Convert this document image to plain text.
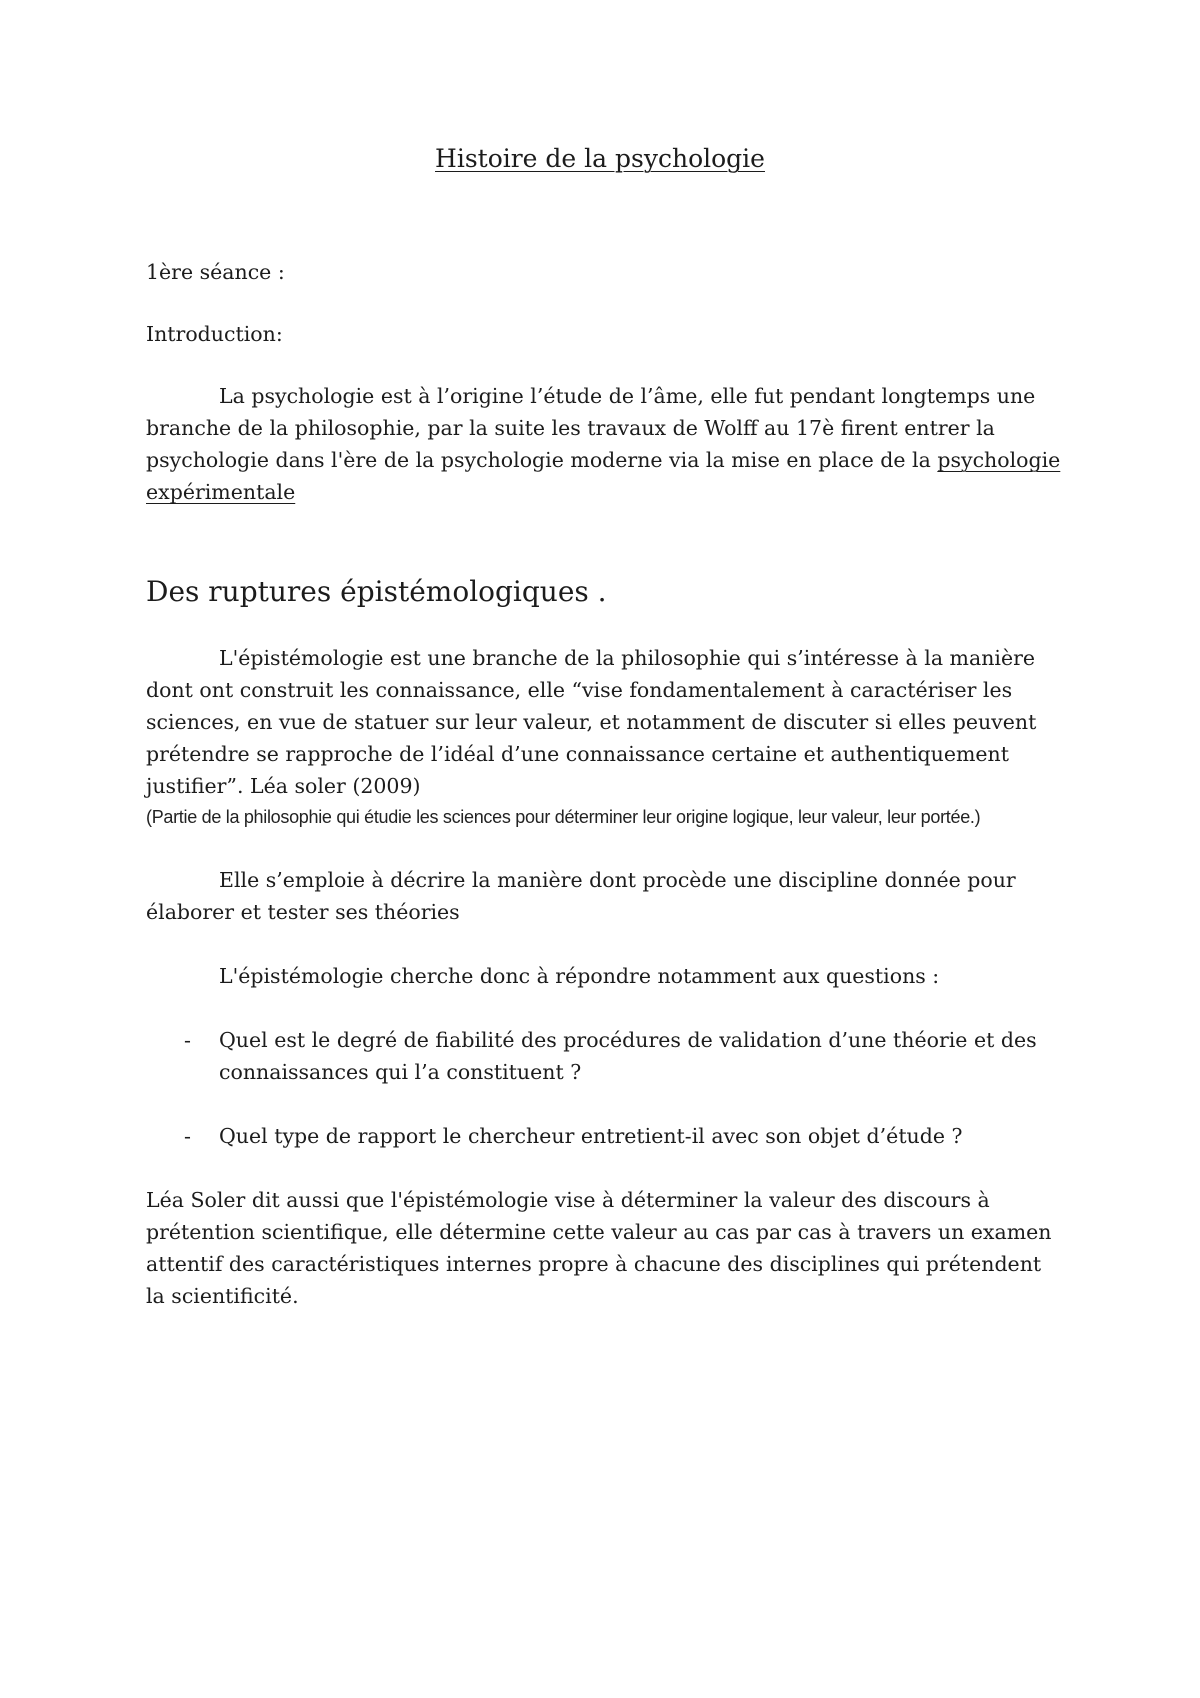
Histoire de la psychologie

1ère séance :

Introduction:

La psychologie est à l’origine l’étude de l’âme, elle fut pendant longtemps une branche de la philosophie, par la suite les travaux de Wolff au 17è firent entrer la psychologie dans l'ère de la psychologie moderne via la mise en place de la psychologie expérimentale

Des ruptures épistémologiques .

L'épistémologie est une branche de la philosophie qui s’intéresse à la manière dont ont construit les connaissance, elle “vise fondamentalement à caractériser les sciences, en vue de statuer sur leur valeur, et notamment de discuter si elles peuvent prétendre se rapproche de l’idéal d’une connaissance certaine et authentiquement justifier”. Léa soler (2009)

(Partie de la philosophie qui étudie les sciences pour déterminer leur origine logique, leur valeur, leur portée.)

Elle s’emploie à décrire la manière dont procède une discipline donnée pour élaborer et tester ses théories

L'épistémologie cherche donc à répondre notamment aux questions :

- Quel est le degré de fiabilité des procédures de validation d’une théorie et des connaissances qui l’a constituent ?
- Quel type de rapport le chercheur entretient-il avec son objet d’étude ?

Léa Soler dit aussi que l'épistémologie vise à déterminer la valeur des discours à prétention scientifique, elle détermine cette valeur au cas par cas à travers un examen attentif des caractéristiques internes propre à chacune des disciplines qui prétendent la scientificité.
